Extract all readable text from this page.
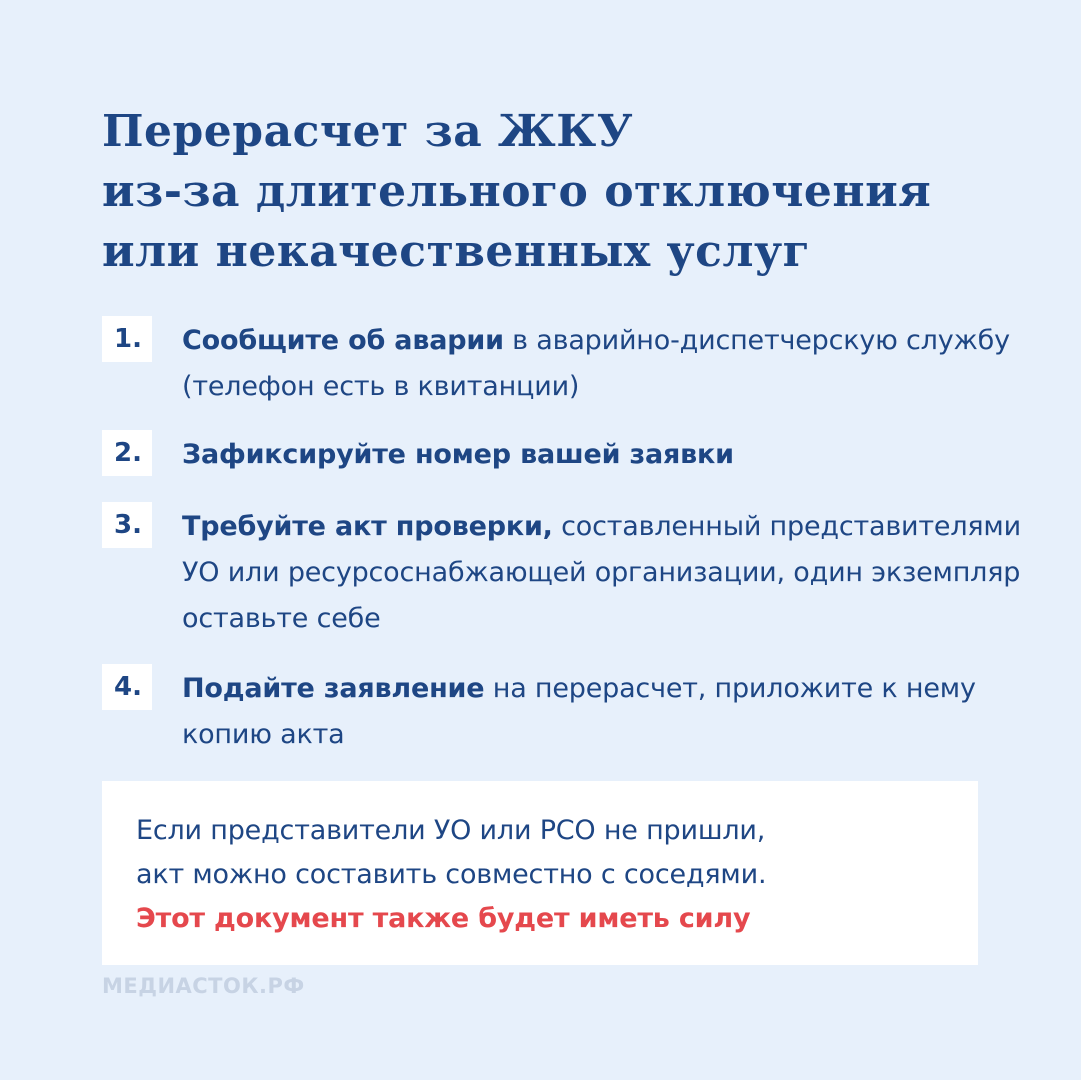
Перерасчет за ЖКУ
из-за длительного отключения
или некачественных услуг
1.	Сообщите об аварии в аварийно-диспетчерскую службу (телефон есть в квитанции)
2.	Зафиксируйте номер вашей заявки
3.	Требуйте акт проверки, составленный представителями УО или ресурсоснабжающей организации, один экземпляр оставьте себе
4.	Подайте заявление на перерасчет, приложите к нему копию акта
Если представители УО или РСО не пришли,
акт можно составить совместно с соседями.
Этот документ также будет иметь силу
МЕДИАСТОК.РФ
